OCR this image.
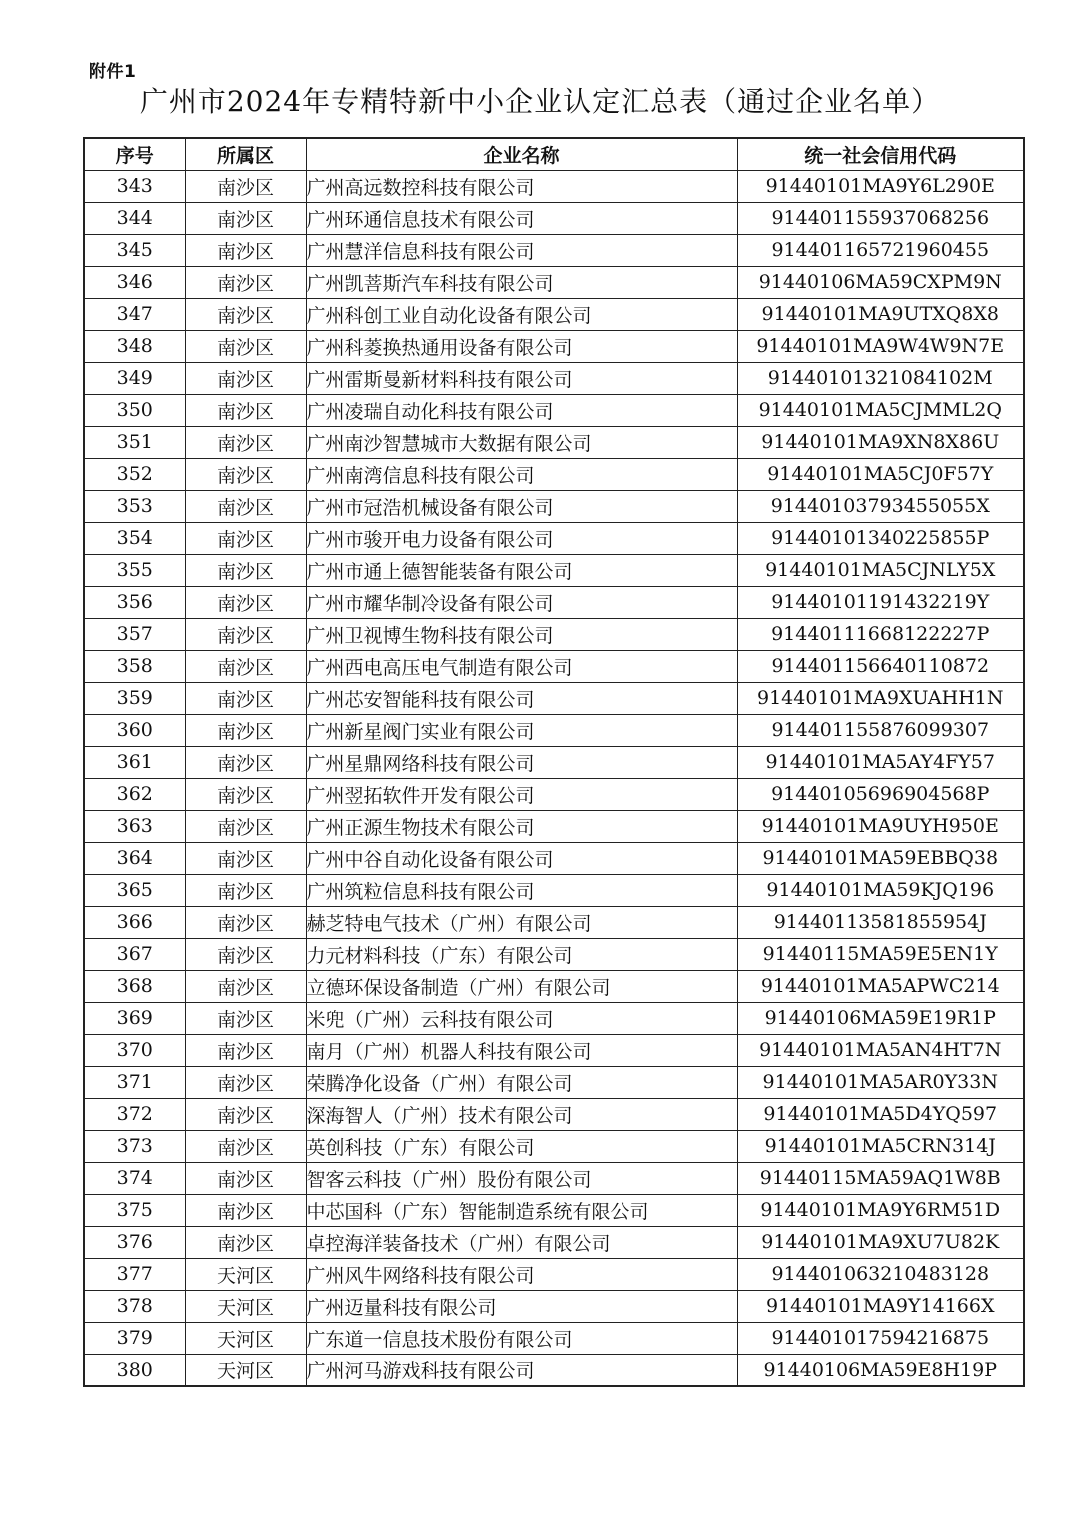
附件1
广州市2024年专精特新中小企业认定汇总表（通过企业名单）
序号	所属区	企业名称	统一社会信用代码
343	南沙区	广州高远数控科技有限公司	91440101MA9Y6L290E
344	南沙区	广州环通信息技术有限公司	914401155937068256
345	南沙区	广州慧洋信息科技有限公司	914401165721960455
346	南沙区	广州凯菩斯汽车科技有限公司	91440106MA59CXPM9N
347	南沙区	广州科创工业自动化设备有限公司	91440101MA9UTXQ8X8
348	南沙区	广州科菱换热通用设备有限公司	91440101MA9W4W9N7E
349	南沙区	广州雷斯曼新材料科技有限公司	91440101321084102M
350	南沙区	广州凌瑞自动化科技有限公司	91440101MA5CJMML2Q
351	南沙区	广州南沙智慧城市大数据有限公司	91440101MA9XN8X86U
352	南沙区	广州南湾信息科技有限公司	91440101MA5CJ0F57Y
353	南沙区	广州市冠浩机械设备有限公司	91440103793455055X
354	南沙区	广州市骏开电力设备有限公司	91440101340225855P
355	南沙区	广州市通上德智能装备有限公司	91440101MA5CJNLY5X
356	南沙区	广州市耀华制冷设备有限公司	91440101191432219Y
357	南沙区	广州卫视博生物科技有限公司	91440111668122227P
358	南沙区	广州西电高压电气制造有限公司	914401156640110872
359	南沙区	广州芯安智能科技有限公司	91440101MA9XUAHH1N
360	南沙区	广州新星阀门实业有限公司	914401155876099307
361	南沙区	广州星鼎网络科技有限公司	91440101MA5AY4FY57
362	南沙区	广州翌拓软件开发有限公司	91440105696904568P
363	南沙区	广州正源生物技术有限公司	91440101MA9UYH950E
364	南沙区	广州中谷自动化设备有限公司	91440101MA59EBBQ38
365	南沙区	广州筑粒信息科技有限公司	91440101MA59KJQ196
366	南沙区	赫芝特电气技术（广州）有限公司	91440113581855954J
367	南沙区	力元材料科技（广东）有限公司	91440115MA59E5EN1Y
368	南沙区	立德环保设备制造（广州）有限公司	91440101MA5APWC214
369	南沙区	米兜（广州）云科技有限公司	91440106MA59E19R1P
370	南沙区	南月（广州）机器人科技有限公司	91440101MA5AN4HT7N
371	南沙区	荣腾净化设备（广州）有限公司	91440101MA5AR0Y33N
372	南沙区	深海智人（广州）技术有限公司	91440101MA5D4YQ597
373	南沙区	英创科技（广东）有限公司	91440101MA5CRN314J
374	南沙区	智客云科技（广州）股份有限公司	91440115MA59AQ1W8B
375	南沙区	中芯国科（广东）智能制造系统有限公司	91440101MA9Y6RM51D
376	南沙区	卓控海洋装备技术（广州）有限公司	91440101MA9XU7U82K
377	天河区	广州风牛网络科技有限公司	914401063210483128
378	天河区	广州迈量科技有限公司	91440101MA9Y14166X
379	天河区	广东道一信息技术股份有限公司	914401017594216875
380	天河区	广州河马游戏科技有限公司	91440106MA59E8H19P
